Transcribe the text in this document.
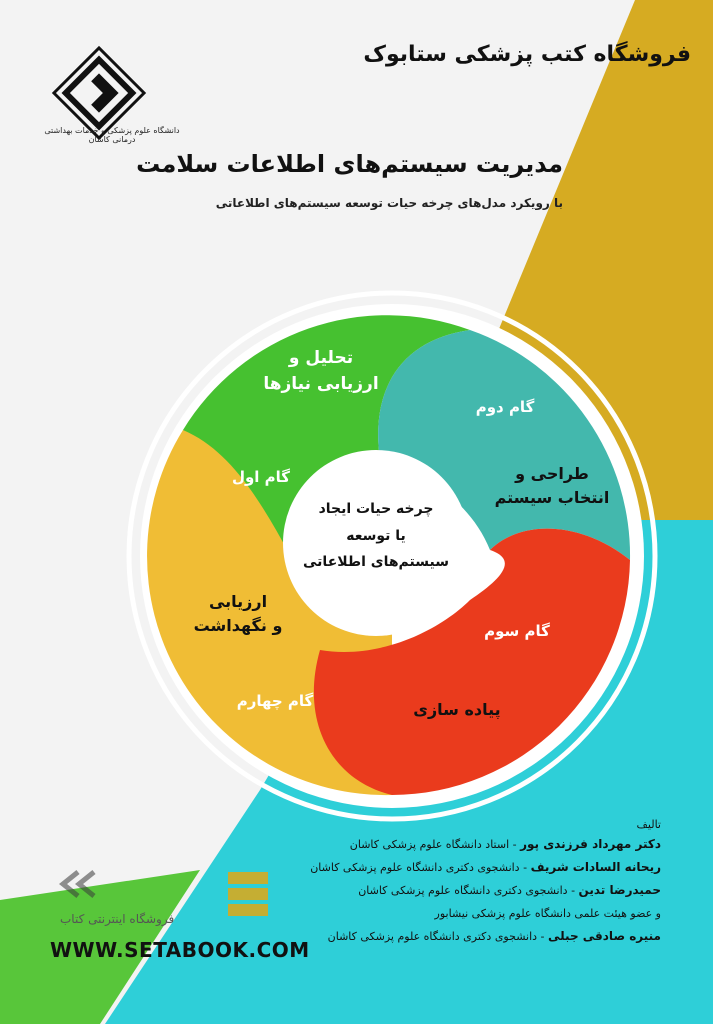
فروشگاه کتب پزشکی ستابوک
دانشگاه علوم پزشکی و خدمات بهداشتی درمانی کاشان
مدیریت سیستم‌های اطلاعات سلامت
با رویکرد مدل‌های چرخه حیات توسعه سیستم‌های اطلاعاتی
تحلیل و
ارزیابی نیازها
گام اول
گام دوم
طراحی و
انتخاب سیستم
گام سوم
پیاده سازی
ارزیابی
و نگهداشت
گام چهارم
چرخه حیات ایجاد
یا توسعه
سیستم‌های اطلاعاتی
تالیف
دکتر مهرداد فرزندی پور - استاد دانشگاه علوم پزشکی کاشان
ریحانه السادات شریف - دانشجوی دکتری دانشگاه علوم پزشکی کاشان
حمیدرضا تدین - دانشجوی دکتری دانشگاه علوم پزشکی کاشان
و عضو هیئت علمی دانشگاه علوم پزشکی نیشابور
منیره صادقی جبلی - دانشجوی دکتری دانشگاه علوم پزشکی کاشان
فروشگاه اینترنتی کتاب
WWW.SETABOOK.COM
